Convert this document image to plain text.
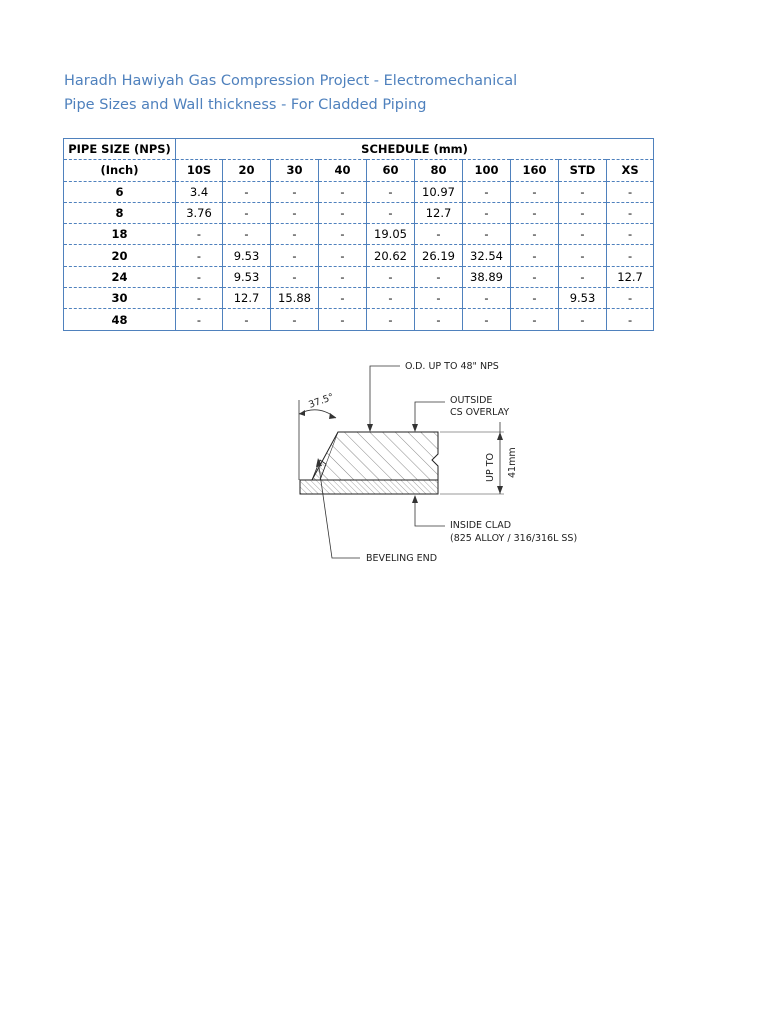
Haradh Hawiyah Gas Compression Project - Electromechanical
Pipe Sizes and Wall thickness - For Cladded Piping
PIPE SIZE (NPS)	SCHEDULE (mm)									
(Inch)	10S	20	30	40	60	80	100	160	STD	XS
6	3.4	-	-	-	-	10.97	-	-	-	-
8	3.76	-	-	-	-	12.7	-	-	-	-
18	-	-	-	-	19.05	-	-	-	-	-
20	-	9.53	-	-	20.62	26.19	32.54	-	-	-
24	-	9.53	-	-	-	-	38.89	-	-	12.7
30	-	12.7	15.88	-	-	-	-	-	9.53	-
48	-	-	-	-	-	-	-	-	-	-
37.5°
O.D. UP TO 48" NPS
OUTSIDE
CS OVERLAY
UP TO 41mm
INSIDE CLAD
(825 ALLOY / 316/316L SS)
BEVELING END
